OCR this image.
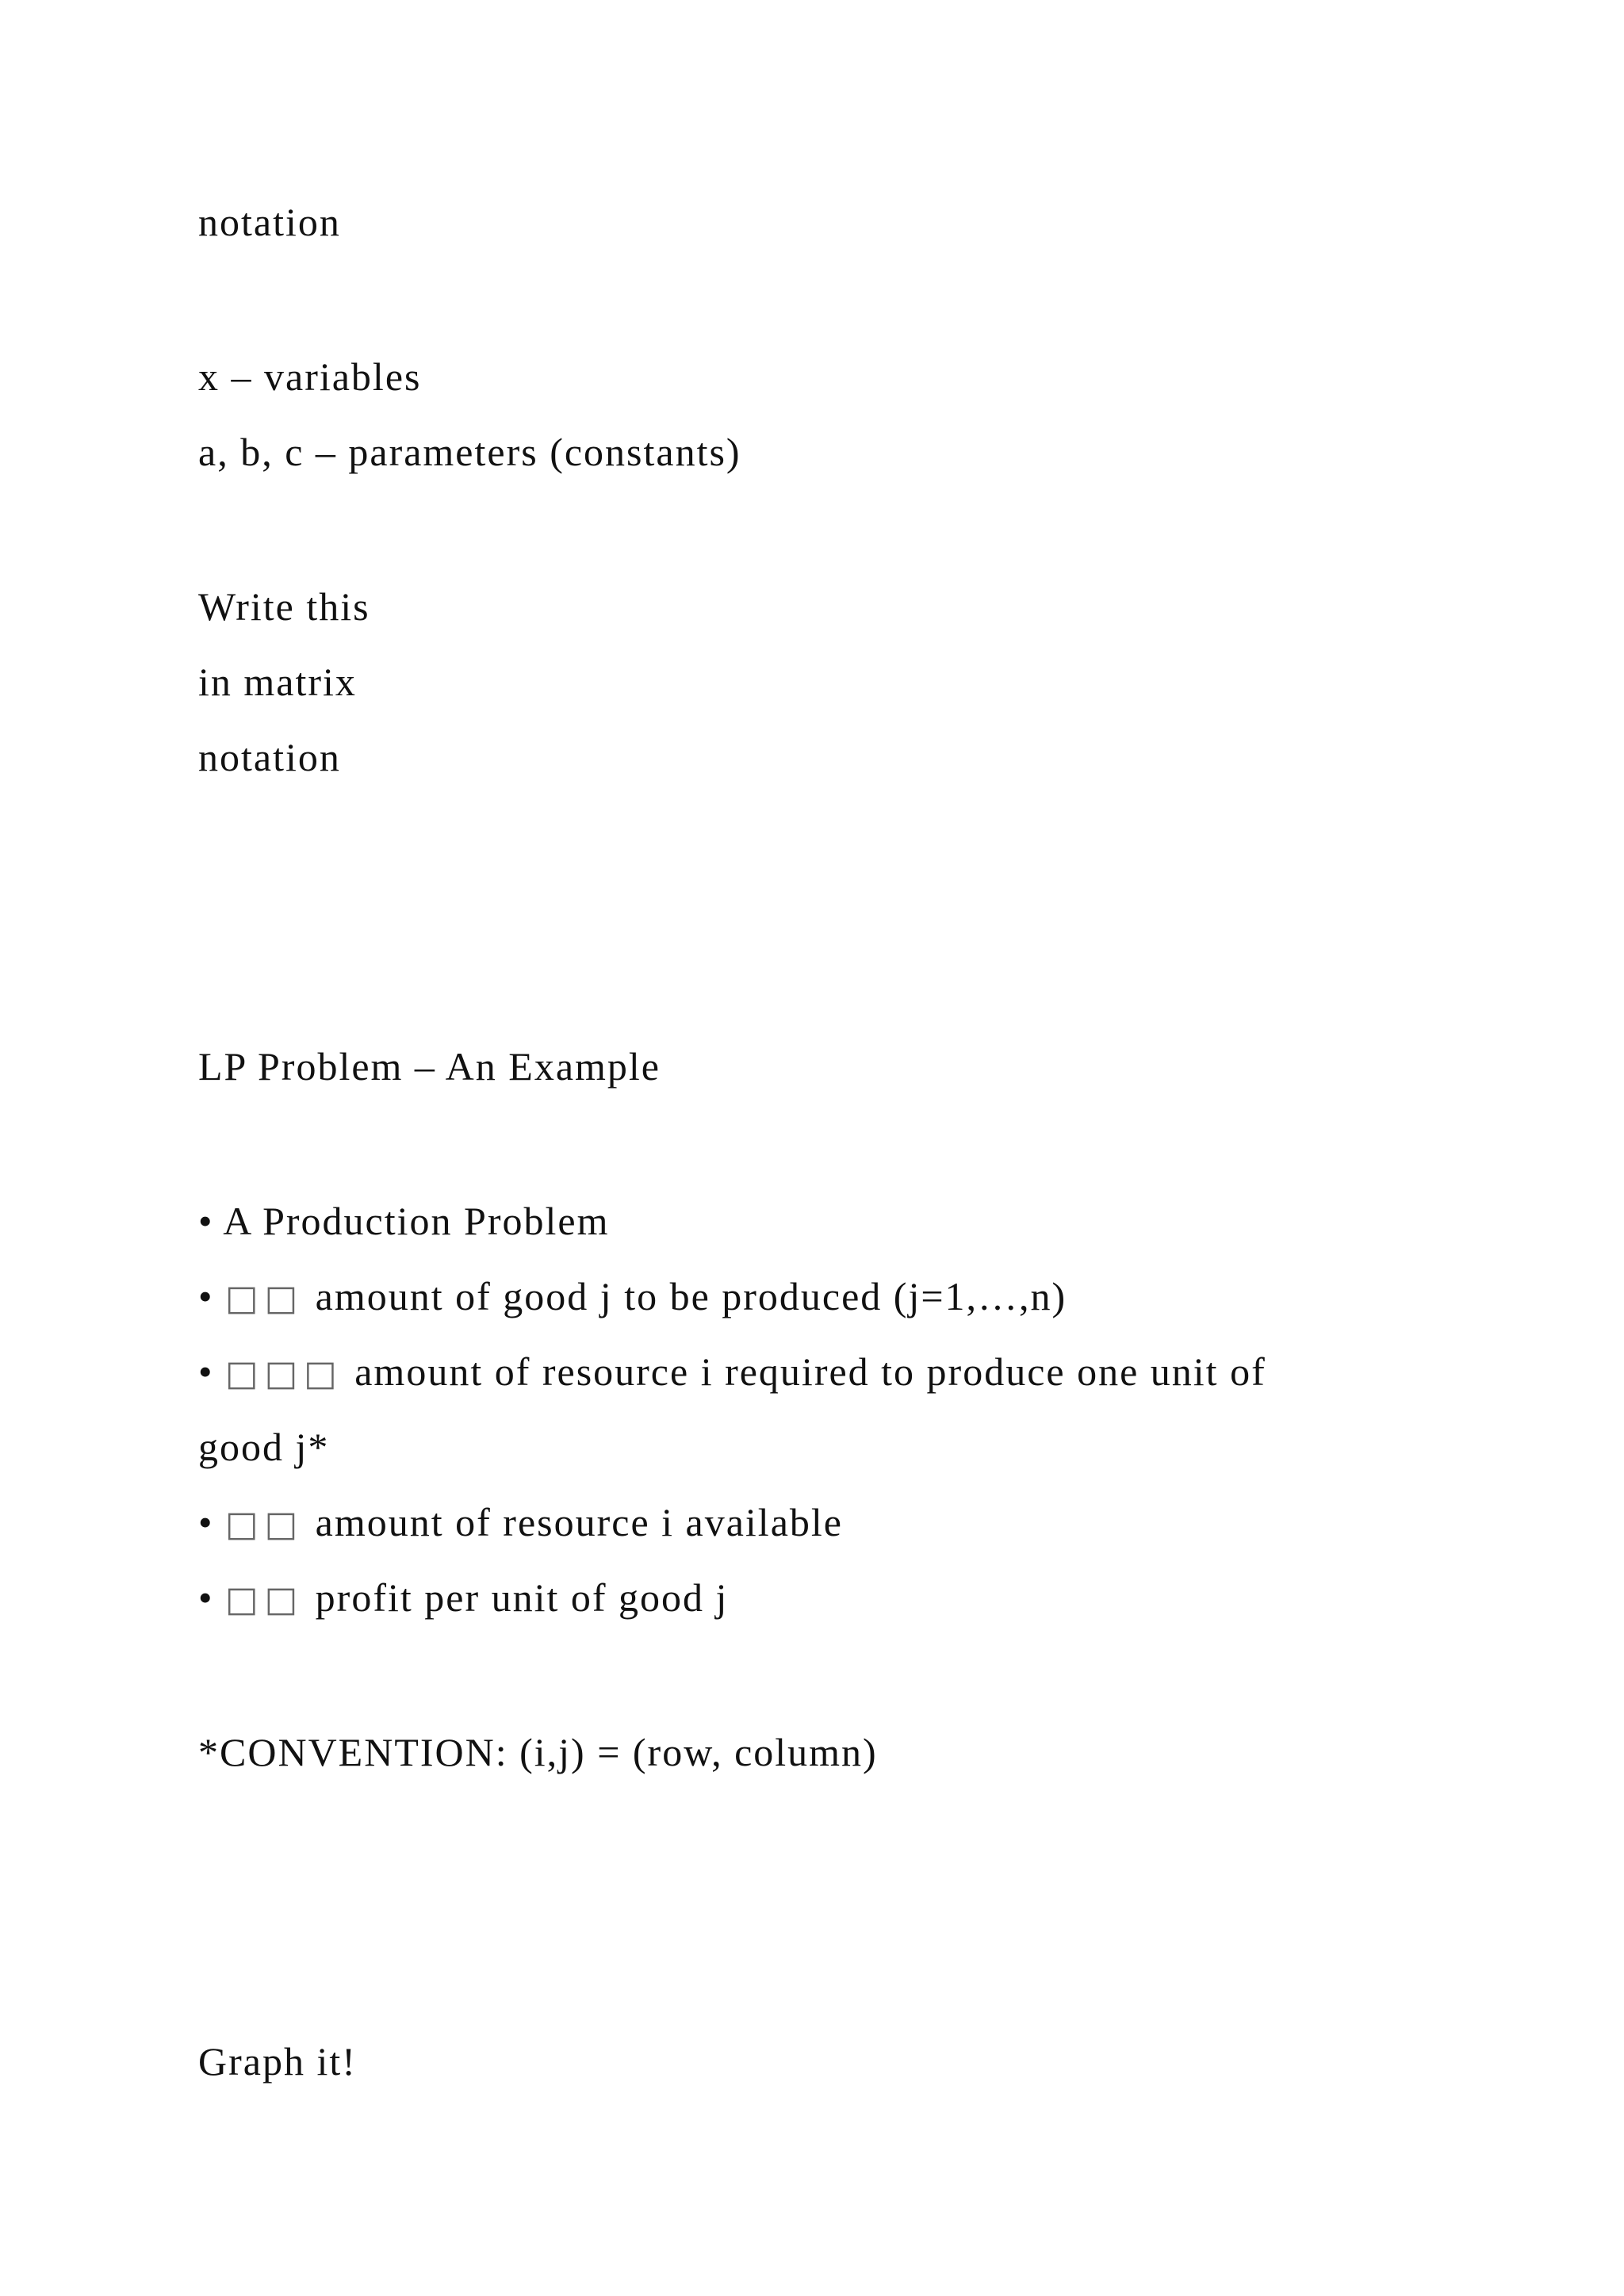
notation
x – variables
a, b, c – parameters (constants)
Write this
in matrix
notation
LP Problem – An Example
• A Production Problem
• □□ amount of good j to be produced (j=1,…,n)
• □□□ amount of resource i required to produce one unit of
good j*
• □□ amount of resource i available
• □□ profit per unit of good j
*CONVENTION: (i,j) = (row, column)
Graph it!
